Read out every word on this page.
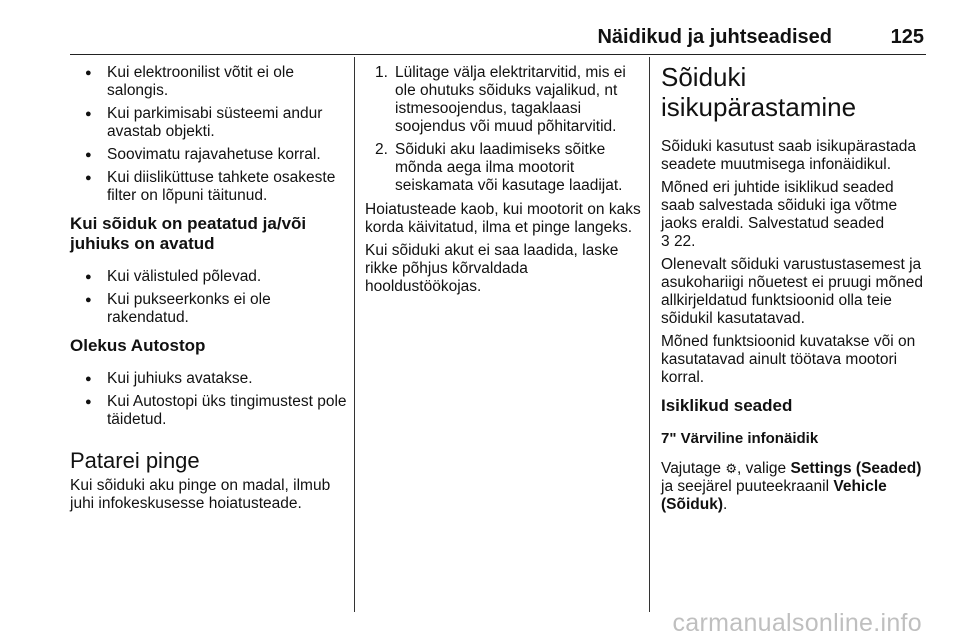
Näidikud ja juhtseadised	125
● Kui elektroonilist võtit ei ole salongis.
● Kui parkimisabi süsteemi andur avastab objekti.
● Soovimatu rajavahetuse korral.
● Kui diisliküttuse tahkete osakeste filter on lõpuni täitunud.
Kui sõiduk on peatatud ja/või juhiuks on avatud
● Kui välistuled põlevad.
● Kui pukseerkonks ei ole rakendatud.
Olekus Autostop
● Kui juhiuks avatakse.
● Kui Autostopi üks tingimustest pole täidetud.
Patarei pinge

Kui sõiduki aku pinge on madal, ilmub juhi infokeskusesse hoiatusteade.

1. Lülitage välja elektritarvitid, mis ei ole ohutuks sõiduks vajalikud, nt istmesoojendus, tagaklaasi soojendus või muud põhitarvitid.
2. Sõiduki aku laadimiseks sõitke mõnda aega ilma mootorit seiskamata või kasutage laadijat.

Hoiatusteade kaob, kui mootorit on kaks korda käivitatud, ilma et pinge langeks.

Kui sõiduki akut ei saa laadida, laske rikke põhjus kõrvaldada hooldustöökojas.

Sõiduki isikupärastamine

Sõiduki kasutust saab isikupärastada seadete muutmisega infonäidikul.

Mõned eri juhtide isiklikud seaded saab salvestada sõiduki iga võtme jaoks eraldi. Salvestatud seaded
3 22.

Olenevalt sõiduki varustustasemest ja asukohariigi nõuetest ei pruugi mõned allkirjeldatud funktsioonid olla teie sõidukil kasutatavad.

Mõned funktsioonid kuvatakse või on kasutatavad ainult töötava mootori korral.

Isiklikud seaded
7" Värviline infonäidik

Vajutage ⚙, valige Settings (Seaded) ja seejärel puuteekraanil Vehicle (Sõiduk).

carmanualsonline.info
